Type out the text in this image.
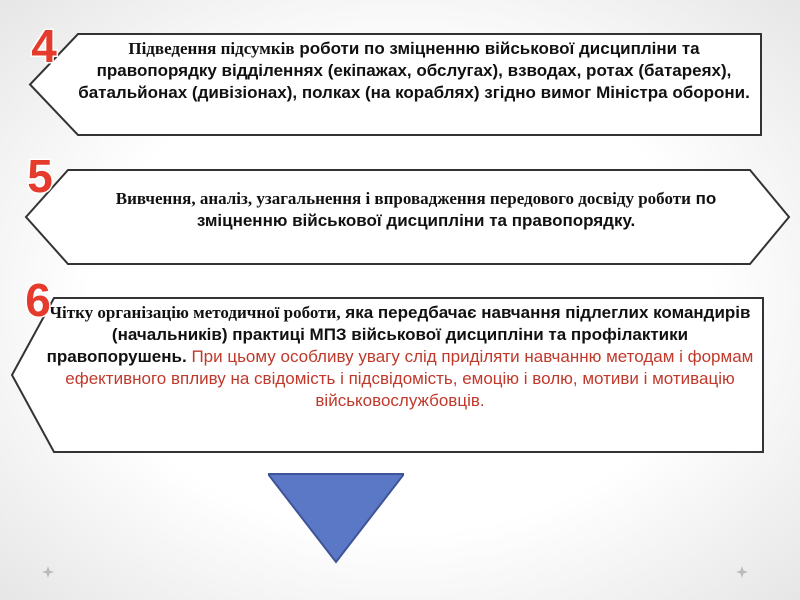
Підведення підсумків роботи по зміцненню військової дисципліни та правопорядку відділеннях (екіпажах, обслугах), взводах, ротах (батареях), батальйонах (дивізіонах), полках (на кораблях) згідно вимог Міністра оборони.
4
Вивчення, аналіз, узагальнення і впровадження передового досвіду роботи по зміцненню військової дисципліни та правопорядку.
5
Чітку організацію методичної роботи, яка передбачає навчання підлеглих командирів (начальників) практиці МПЗ військової дисципліни та профілактики правопорушень. При цьому особливу увагу слід приділяти навчанню методам і формам ефективного впливу на свідомість і підсвідомість, емоцію і волю, мотиви і мотивацію військовослужбовців.
6
